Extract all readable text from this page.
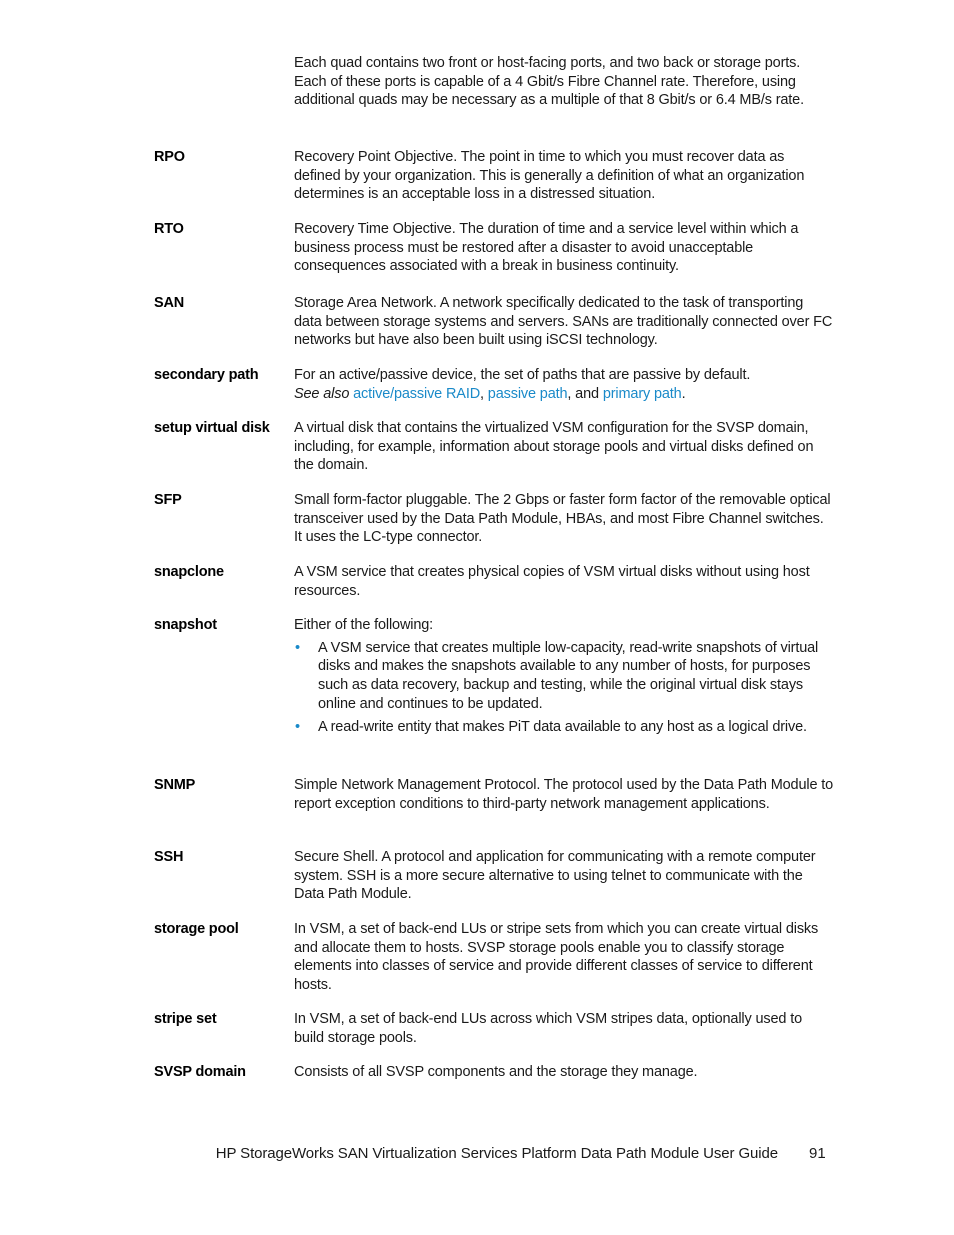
Each quad contains two front or host-facing ports, and two back or storage ports. Each of these ports is capable of a 4 Gbit/s Fibre Channel rate. Therefore, using additional quads may be necessary as a multiple of that 8 Gbit/s or 6.4 MB/s rate.
RPO	Recovery Point Objective. The point in time to which you must recover data as defined by your organization. This is generally a definition of what an organization determines is an acceptable loss in a distressed situation.
RTO	Recovery Time Objective. The duration of time and a service level within which a business process must be restored after a disaster to avoid unacceptable consequences associated with a break in business continuity.
SAN	Storage Area Network. A network specifically dedicated to the task of transporting data between storage systems and servers. SANs are traditionally connected over FC networks but have also been built using iSCSI technology.
secondary path	For an active/passive device, the set of paths that are passive by default.

See also active/passive RAID, passive path, and primary path.

setup virtual disk	A virtual disk that contains the virtualized VSM configuration for the SVSP domain, including, for example, information about storage pools and virtual disks defined on the domain.
SFP	Small form-factor pluggable. The 2 Gbps or faster form factor of the removable optical transceiver used by the Data Path Module, HBAs, and most Fibre Channel switches. It uses the LC-type connector.
snapclone	A VSM service that creates physical copies of VSM virtual disks without using host resources.
snapshot	Either of the following:

• A VSM service that creates multiple low-capacity, read-write snapshots of virtual disks and makes the snapshots available to any number of hosts, for purposes such as data recovery, backup and testing, while the original virtual disk stays online and continues to be updated.
• A read-write entity that makes PiT data available to any host as a logical drive.
SNMP	Simple Network Management Protocol. The protocol used by the Data Path Module to report exception conditions to third-party network management applications.
SSH	Secure Shell. A protocol and application for communicating with a remote computer system. SSH is a more secure alternative to using telnet to communicate with the Data Path Module.
storage pool	In VSM, a set of back-end LUs or stripe sets from which you can create virtual disks and allocate them to hosts. SVSP storage pools enable you to classify storage elements into classes of service and provide different classes of service to different hosts.
stripe set	In VSM, a set of back-end LUs across which VSM stripes data, optionally used to build storage pools.
SVSP domain	Consists of all SVSP components and the storage they manage.
HP StorageWorks SAN Virtualization Services Platform Data Path Module User Guide 91
